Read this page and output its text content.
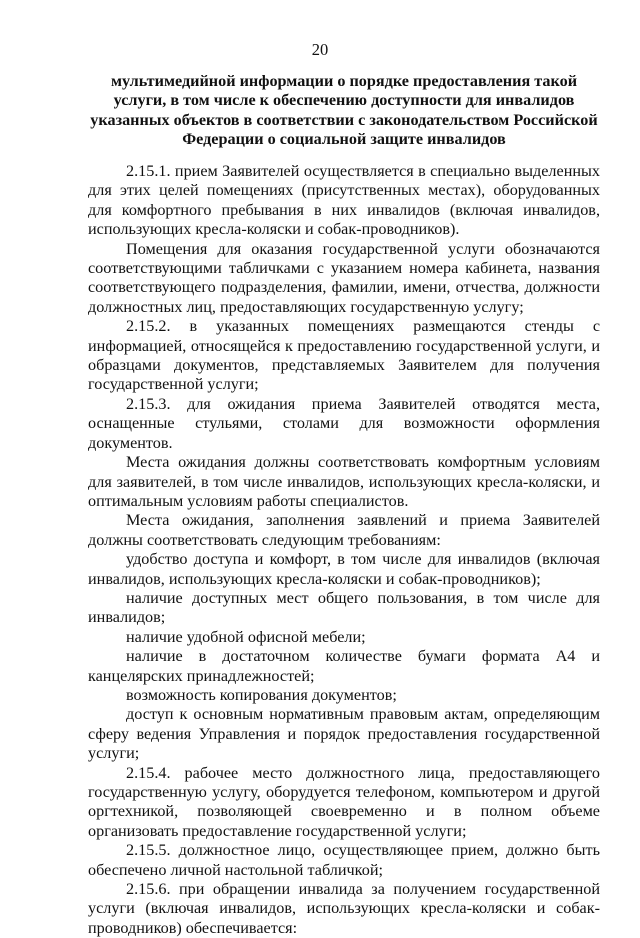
20
мультимедийной информации о порядке предоставления такой услуги, в том числе к обеспечению доступности для инвалидов указанных объектов в соответствии с законодательством Российской Федерации о социальной защите инвалидов

2.15.1. прием Заявителей осуществляется в специально выделенных для этих целей помещениях (присутственных местах), оборудованных для комфортного пребывания в них инвалидов (включая инвалидов, использующих кресла-коляски и собак-проводников).

Помещения для оказания государственной услуги обозначаются соответствующими табличками с указанием номера кабинета, названия соответствующего подразделения, фамилии, имени, отчества, должности должностных лиц, предоставляющих государственную услугу;

2.15.2. в указанных помещениях размещаются стенды с информацией, относящейся к предоставлению государственной услуги, и образцами документов, представляемых Заявителем для получения государственной услуги;

2.15.3. для ожидания приема Заявителей отводятся места, оснащенные стульями, столами для возможности оформления документов.

Места ожидания должны соответствовать комфортным условиям для заявителей, в том числе инвалидов, использующих кресла-коляски, и оптимальным условиям работы специалистов.

Места ожидания, заполнения заявлений и приема Заявителей должны соответствовать следующим требованиям:

удобство доступа и комфорт, в том числе для инвалидов (включая инвалидов, использующих кресла-коляски и собак-проводников);

наличие доступных мест общего пользования, в том числе для инвалидов;

наличие удобной офисной мебели;

наличие в достаточном количестве бумаги формата А4 и канцелярских принадлежностей;

возможность копирования документов;

доступ к основным нормативным правовым актам, определяющим сферу ведения Управления и порядок предоставления государственной услуги;

2.15.4. рабочее место должностного лица, предоставляющего государственную услугу, оборудуется телефоном, компьютером и другой оргтехникой, позволяющей своевременно и в полном объеме организовать предоставление государственной услуги;

2.15.5. должностное лицо, осуществляющее прием, должно быть обеспечено личной настольной табличкой;

2.15.6. при обращении инвалида за получением государственной услуги (включая инвалидов, использующих кресла-коляски и собак-проводников) обеспечивается:
